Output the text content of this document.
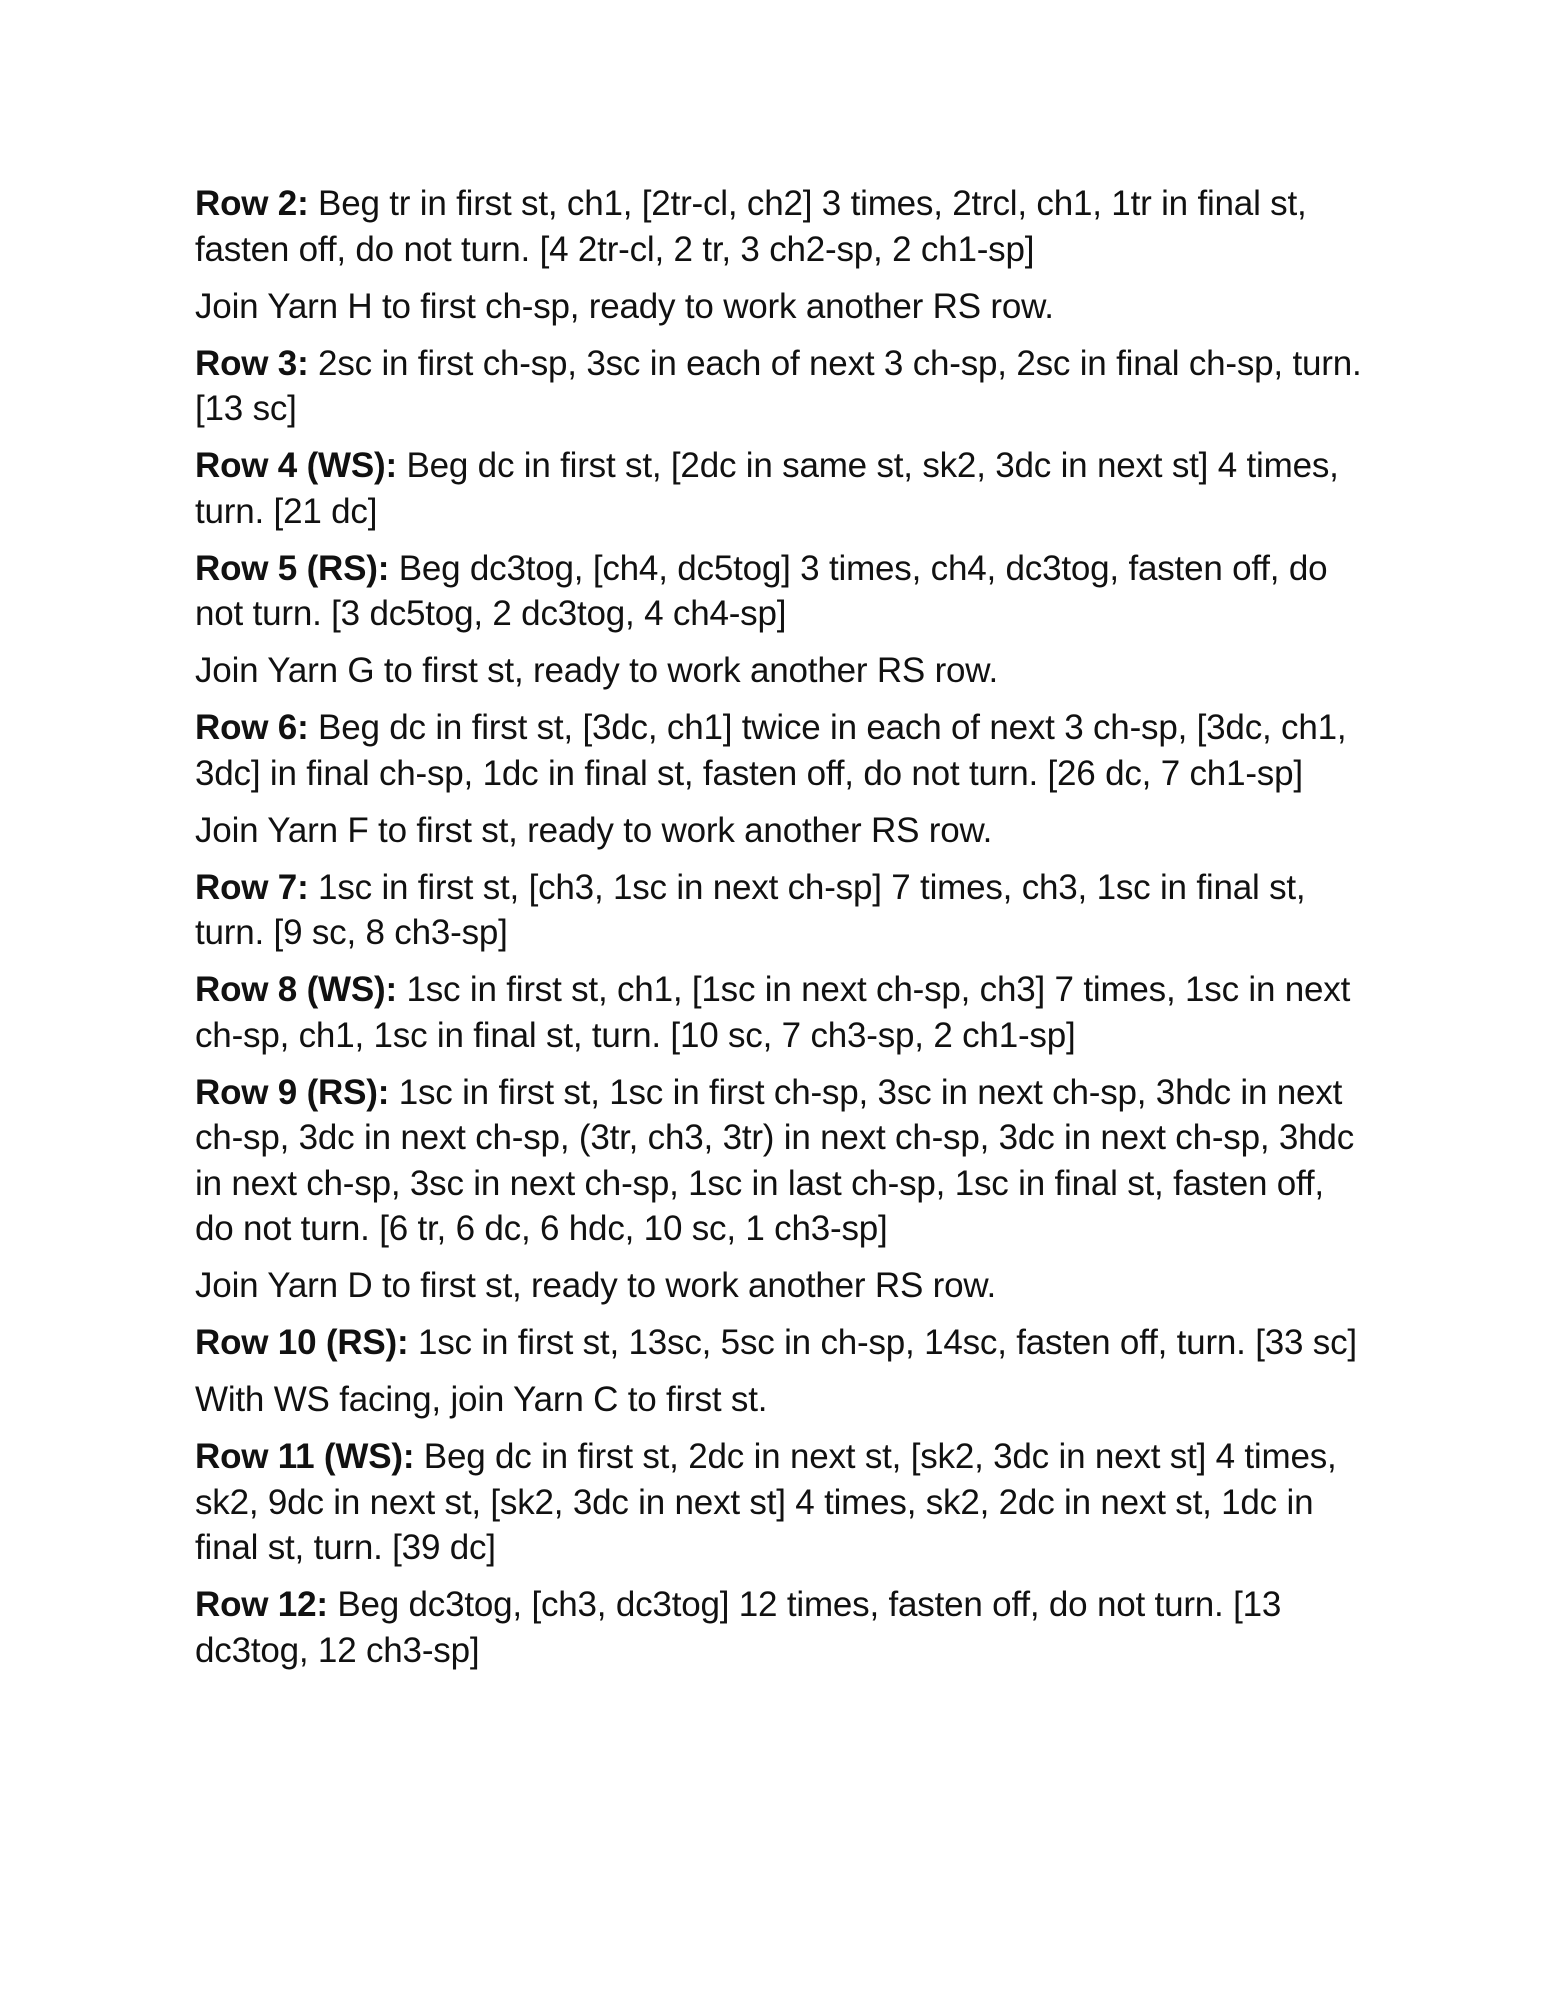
Row 2: Beg tr in first st, ch1, [2tr-cl, ch2] 3 times, 2trcl, ch1, 1tr in final st, fasten off, do not turn. [4 2tr-cl, 2 tr, 3 ch2-sp, 2 ch1-sp]

Join Yarn H to first ch-sp, ready to work another RS row.

Row 3: 2sc in first ch-sp, 3sc in each of next 3 ch-sp, 2sc in final ch-sp, turn. [13 sc]

Row 4 (WS): Beg dc in first st, [2dc in same st, sk2, 3dc in next st] 4 times, turn. [21 dc]

Row 5 (RS): Beg dc3tog, [ch4, dc5tog] 3 times, ch4, dc3tog, fasten off, do not turn. [3 dc5tog, 2 dc3tog, 4 ch4-sp]

Join Yarn G to first st, ready to work another RS row.

Row 6: Beg dc in first st, [3dc, ch1] twice in each of next 3 ch-sp, [3dc, ch1, 3dc] in final ch-sp, 1dc in final st, fasten off, do not turn. [26 dc, 7 ch1-sp]

Join Yarn F to first st, ready to work another RS row.

Row 7: 1sc in first st, [ch3, 1sc in next ch-sp] 7 times, ch3, 1sc in final st, turn. [9 sc, 8 ch3-sp]

Row 8 (WS): 1sc in first st, ch1, [1sc in next ch-sp, ch3] 7 times, 1sc in next ch-sp, ch1, 1sc in final st, turn. [10 sc, 7 ch3-sp, 2 ch1-sp]

Row 9 (RS): 1sc in first st, 1sc in first ch-sp, 3sc in next ch-sp, 3hdc in next ch-sp, 3dc in next ch-sp, (3tr, ch3, 3tr) in next ch-sp, 3dc in next ch-sp, 3hdc in next ch-sp, 3sc in next ch-sp, 1sc in last ch-sp, 1sc in final st, fasten off, do not turn. [6 tr, 6 dc, 6 hdc, 10 sc, 1 ch3-sp]

Join Yarn D to first st, ready to work another RS row.

Row 10 (RS): 1sc in first st, 13sc, 5sc in ch-sp, 14sc, fasten off, turn. [33 sc]

With WS facing, join Yarn C to first st.

Row 11 (WS): Beg dc in first st, 2dc in next st, [sk2, 3dc in next st] 4 times, sk2, 9dc in next st, [sk2, 3dc in next st] 4 times, sk2, 2dc in next st, 1dc in final st, turn. [39 dc]

Row 12: Beg dc3tog, [ch3, dc3tog] 12 times, fasten off, do not turn. [13 dc3tog, 12 ch3-sp]
